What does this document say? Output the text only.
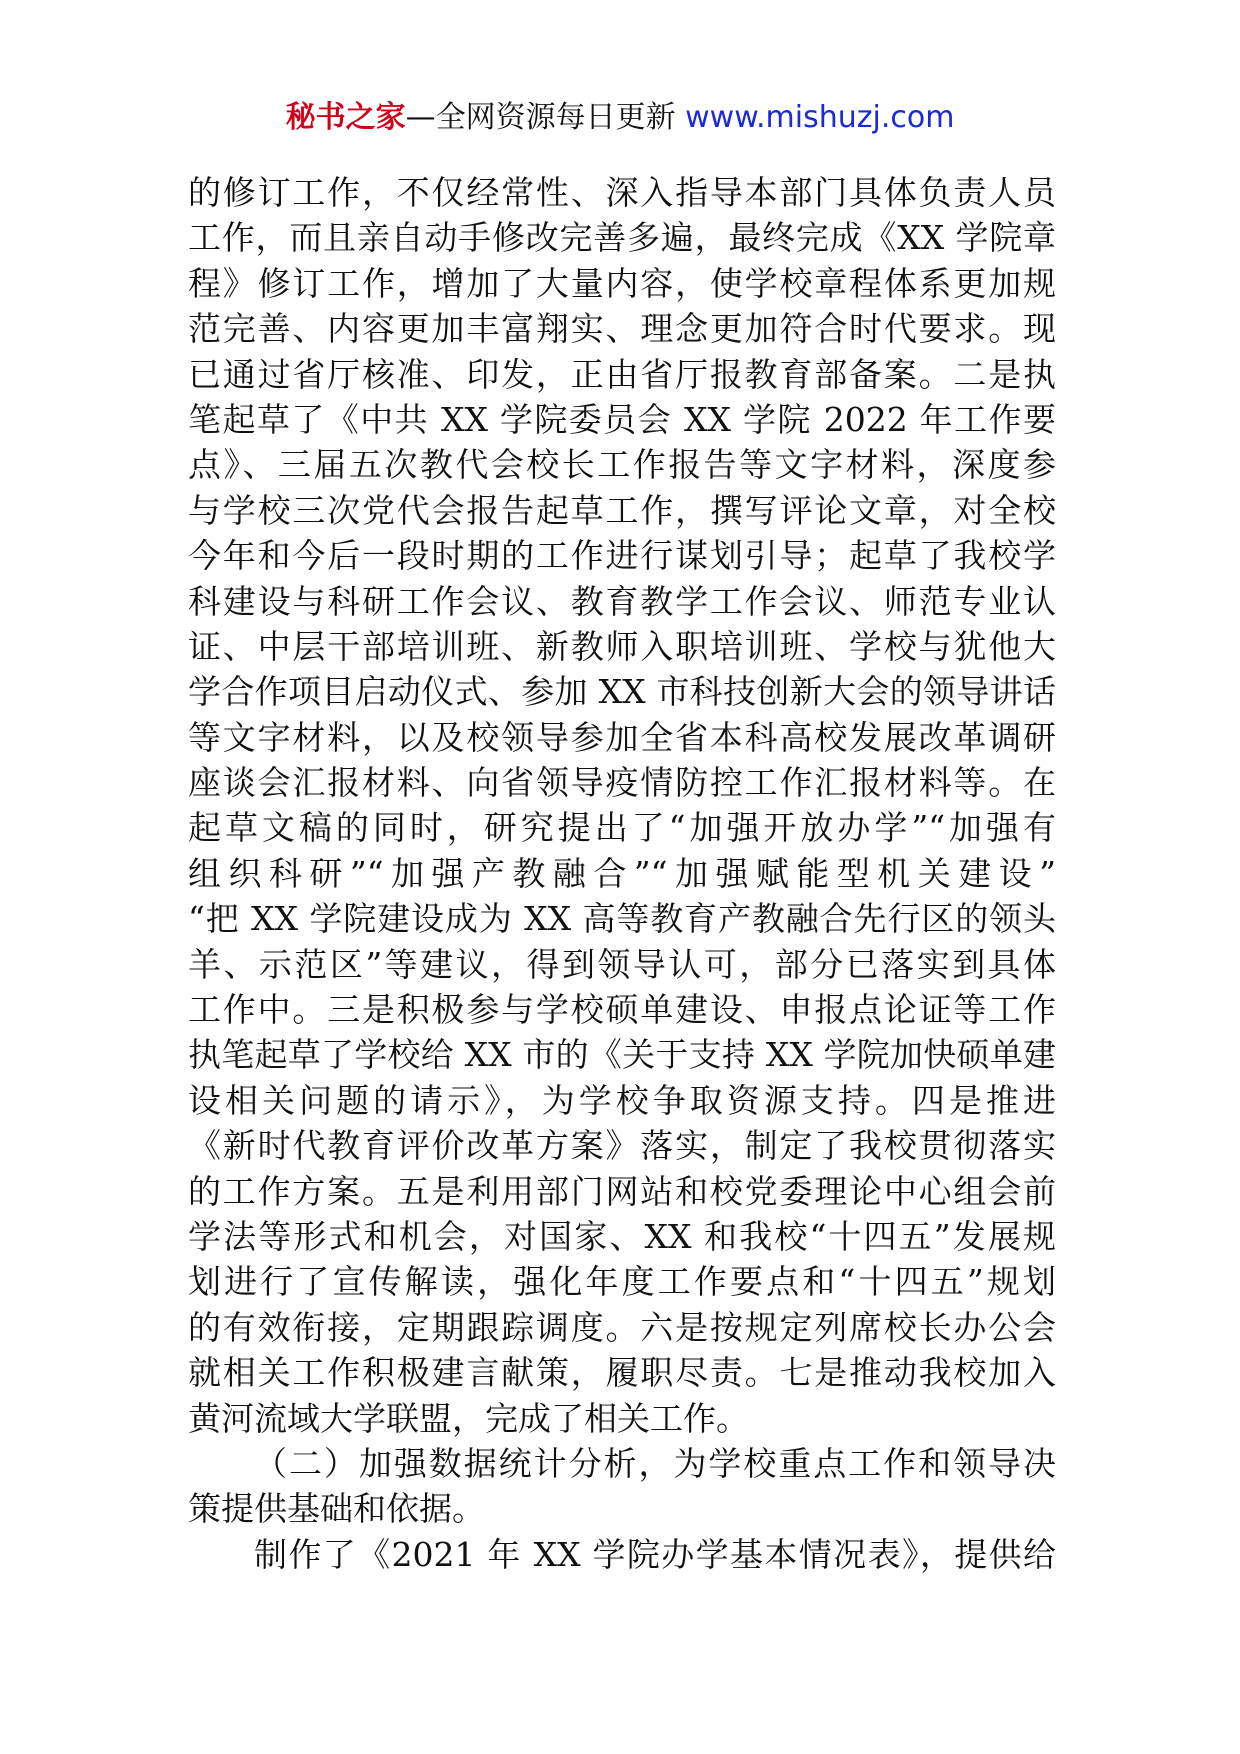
秘书之家—全网资源每日更新 www.mishuzj.com
的修订工作，不仅经常性、深入指导本部门具体负责人员
工作，而且亲自动手修改完善多遍，最终完成《XX 学院章
程》修订工作，增加了大量内容，使学校章程体系更加规
范完善、内容更加丰富翔实、理念更加符合时代要求。现
已通过省厅核准、印发，正由省厅报教育部备案。二是执
笔起草了《中共 XX 学院委员会 XX 学院 2022 年工作要
点》、三届五次教代会校长工作报告等文字材料，深度参
与学校三次党代会报告起草工作，撰写评论文章，对全校
今年和今后一段时期的工作进行谋划引导；起草了我校学
科建设与科研工作会议、教育教学工作会议、师范专业认
证、中层干部培训班、新教师入职培训班、学校与犹他大
学合作项目启动仪式、参加 XX 市科技创新大会的领导讲话
等文字材料，以及校领导参加全省本科高校发展改革调研
座谈会汇报材料、向省领导疫情防控工作汇报材料等。在
起草文稿的同时，研究提出了“加强开放办学”“加强有
组织科研”“加强产教融合”“加强赋能型机关建设”
“把 XX 学院建设成为 XX 高等教育产教融合先行区的领头
羊、示范区”等建议，得到领导认可，部分已落实到具体
工作中。三是积极参与学校硕单建设、申报点论证等工作
执笔起草了学校给 XX 市的《关于支持 XX 学院加快硕单建
设相关问题的请示》，为学校争取资源支持。四是推进
《新时代教育评价改革方案》落实，制定了我校贯彻落实
的工作方案。五是利用部门网站和校党委理论中心组会前
学法等形式和机会，对国家、XX 和我校“十四五”发展规
划进行了宣传解读，强化年度工作要点和“十四五”规划
的有效衔接，定期跟踪调度。六是按规定列席校长办公会
就相关工作积极建言献策，履职尽责。七是推动我校加入
黄河流域大学联盟，完成了相关工作。
（二）加强数据统计分析，为学校重点工作和领导决
策提供基础和依据。
制作了《2021 年 XX 学院办学基本情况表》，提供给
